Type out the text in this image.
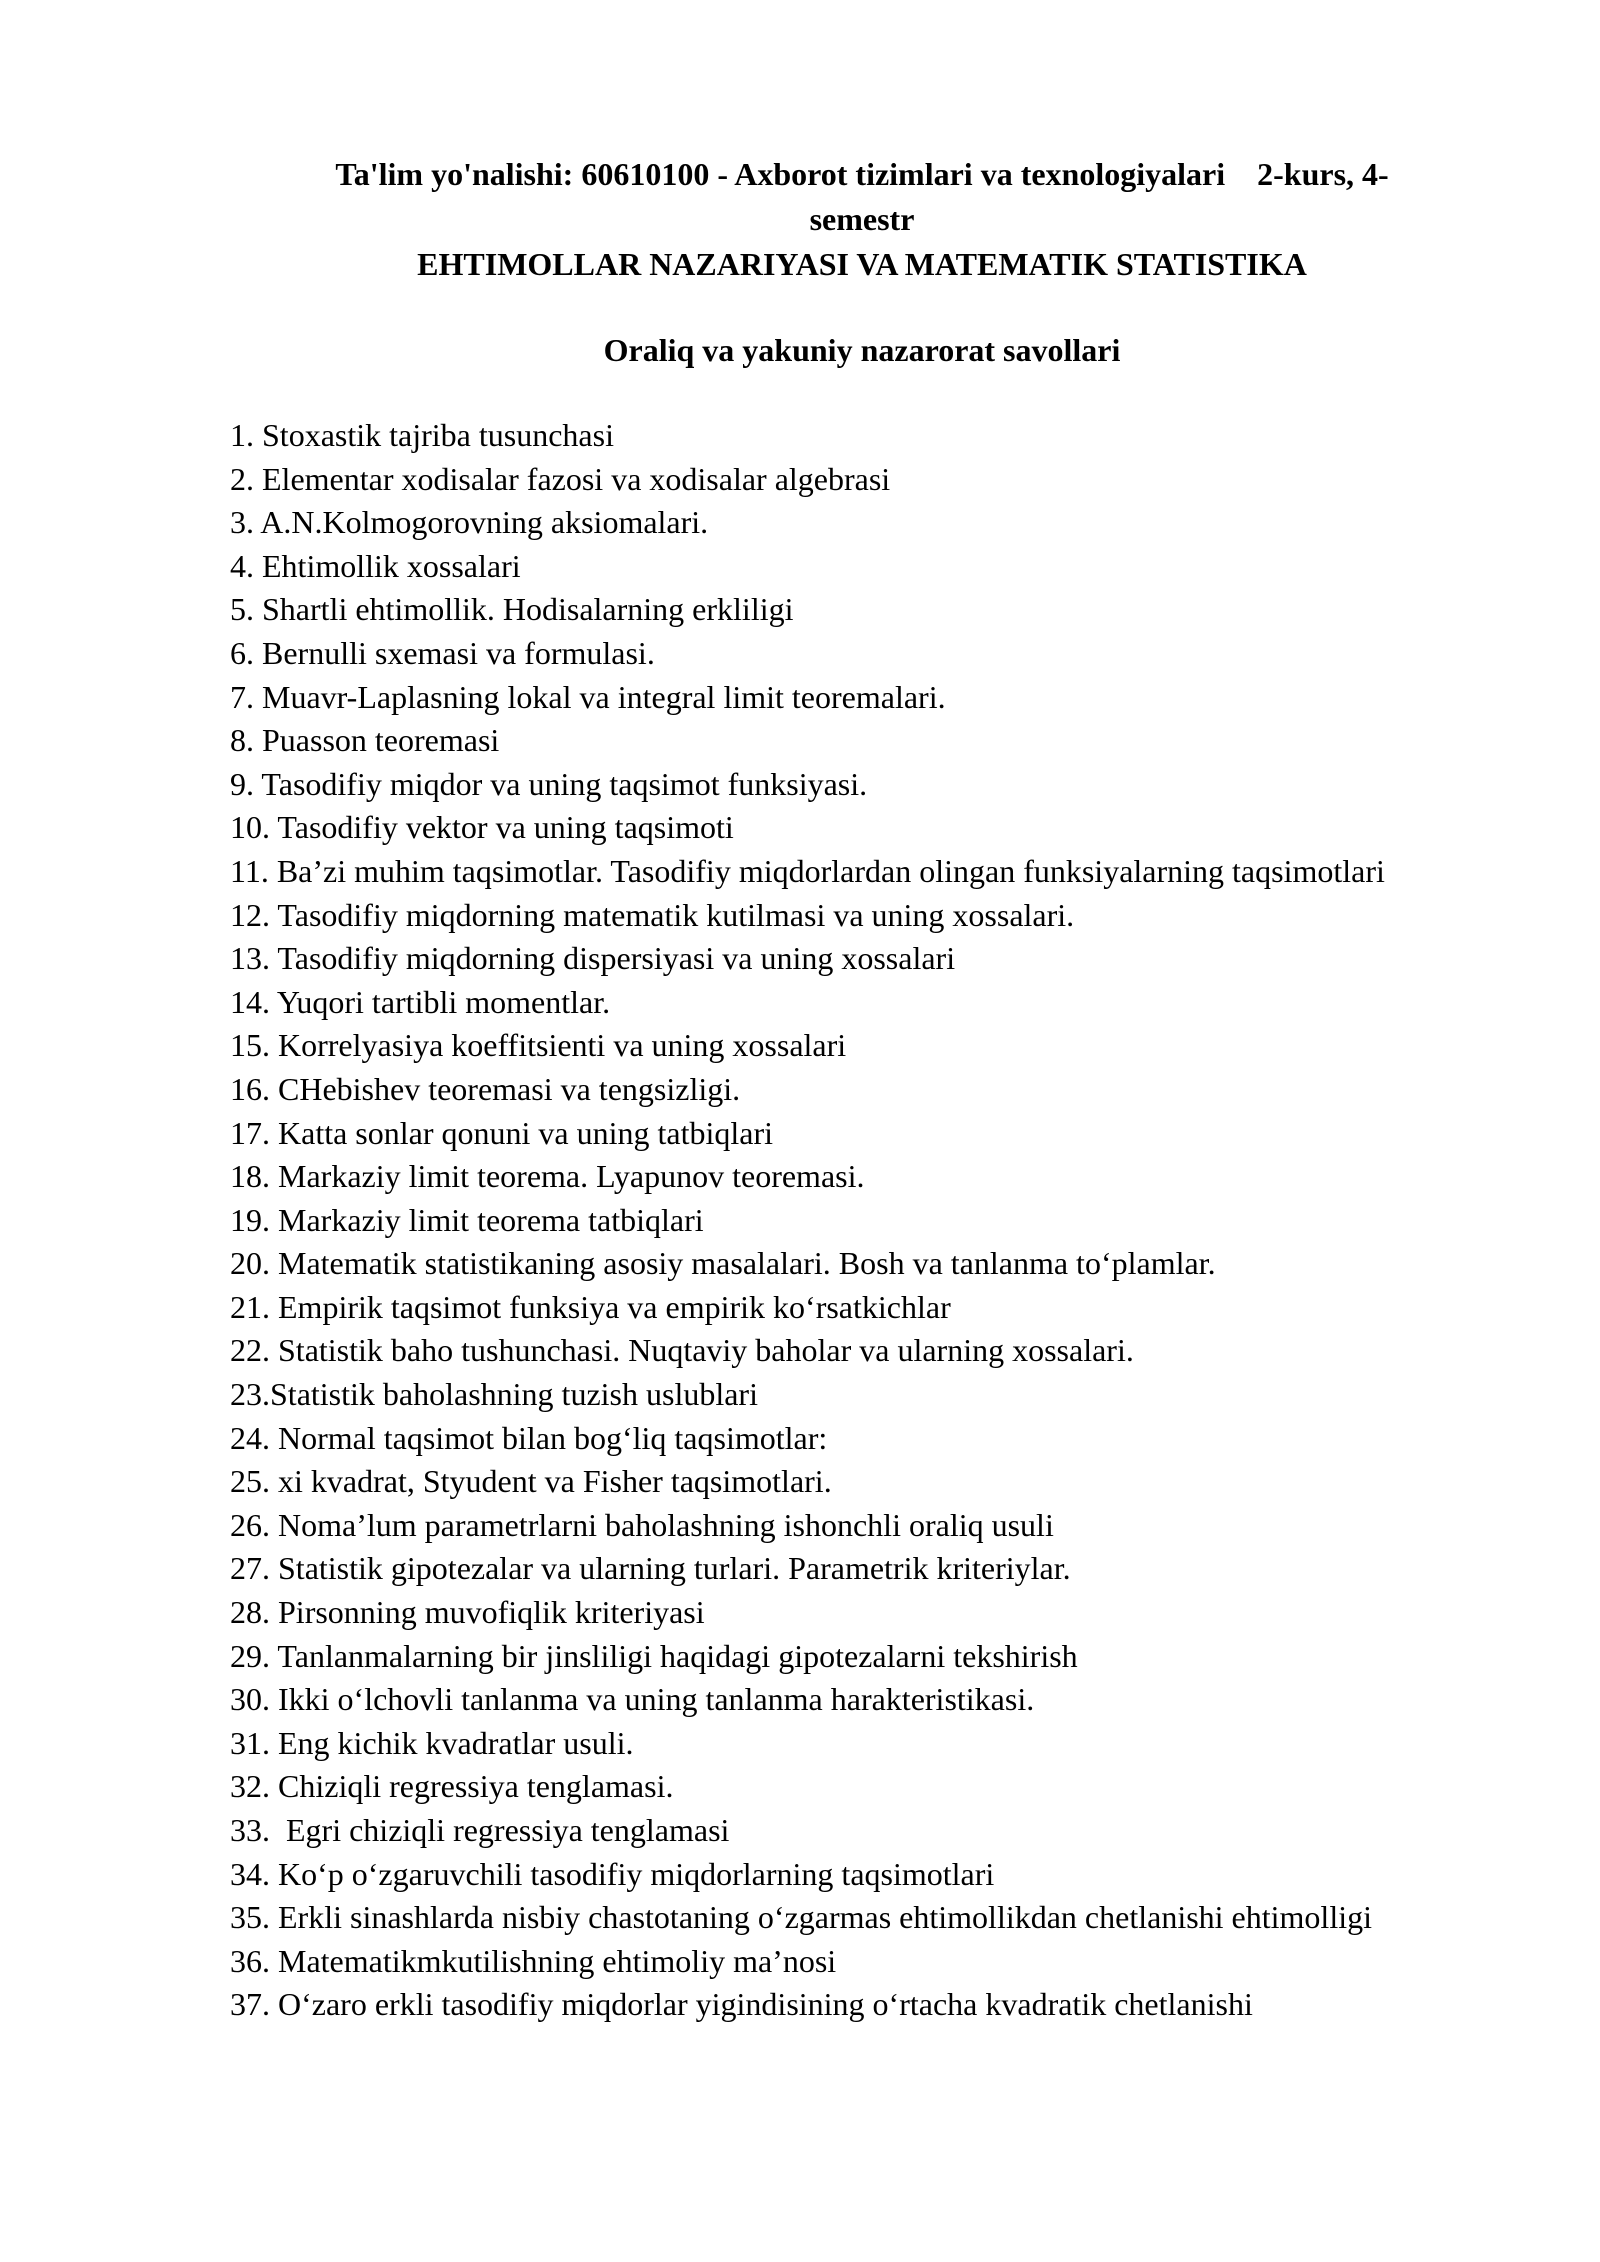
Ta'lim yo'nalishi: 60610100 - Axborot tizimlari va texnologiyalari    2-kurs, 4-
semestr
EHTIMOLLAR NAZARIYASI VA MATEMATIK STATISTIKA
Oraliq va yakuniy nazarorat savollari
1. Stoxastik tajriba tusunchasi
2. Elementar xodisalar fazosi va xodisalar algebrasi
3. A.N.Kolmogorovning aksiomalari.
4. Ehtimollik xossalari
5. Shartli ehtimollik. Hodisalarning erkliligi
6. Bernulli sxemasi va formulasi.
7. Muavr-Laplasning lokal va integral limit teoremalari.
8. Puasson teoremasi
9. Tasodifiy miqdor va uning taqsimot funksiyasi.
10. Tasodifiy vektor va uning taqsimoti
11. Ba’zi muhim taqsimotlar. Tasodifiy miqdorlardan olingan funksiyalarning taqsimotlari
12. Tasodifiy miqdorning matematik kutilmasi va uning xossalari.
13. Tasodifiy miqdorning dispersiyasi va uning xossalari
14. Yuqori tartibli momentlar.
15. Korrelyasiya koeffitsienti va uning xossalari
16. CHebishev teoremasi va tengsizligi.
17. Katta sonlar qonuni va uning tatbiqlari
18. Markaziy limit teorema. Lyapunov teoremasi.
19. Markaziy limit teorema tatbiqlari
20. Matematik statistikaning asosiy masalalari. Bosh va tanlanma to‘plamlar.
21. Empirik taqsimot funksiya va empirik ko‘rsatkichlar
22. Statistik baho tushunchasi. Nuqtaviy baholar va ularning xossalari.
23.Statistik baholashning tuzish uslublari
24. Normal taqsimot bilan bog‘liq taqsimotlar:
25. xi kvadrat, Styudent va Fisher taqsimotlari.
26. Noma’lum parametrlarni baholashning ishonchli oraliq usuli
27. Statistik gipotezalar va ularning turlari. Parametrik kriteriylar.
28. Pirsonning muvofiqlik kriteriyasi
29. Tanlanmalarning bir jinsliligi haqidagi gipotezalarni tekshirish
30. Ikki o‘lchovli tanlanma va uning tanlanma harakteristikasi.
31. Eng kichik kvadratlar usuli.
32. Chiziqli regressiya tenglamasi.
33.  Egri chiziqli regressiya tenglamasi
34. Ko‘p o‘zgaruvchili tasodifiy miqdorlarning taqsimotlari
35. Erkli sinashlarda nisbiy chastotaning o‘zgarmas ehtimollikdan chetlanishi ehtimolligi
36. Matematikmkutilishning ehtimoliy ma’nosi
37. O‘zaro erkli tasodifiy miqdorlar yigindisining o‘rtacha kvadratik chetlanishi
